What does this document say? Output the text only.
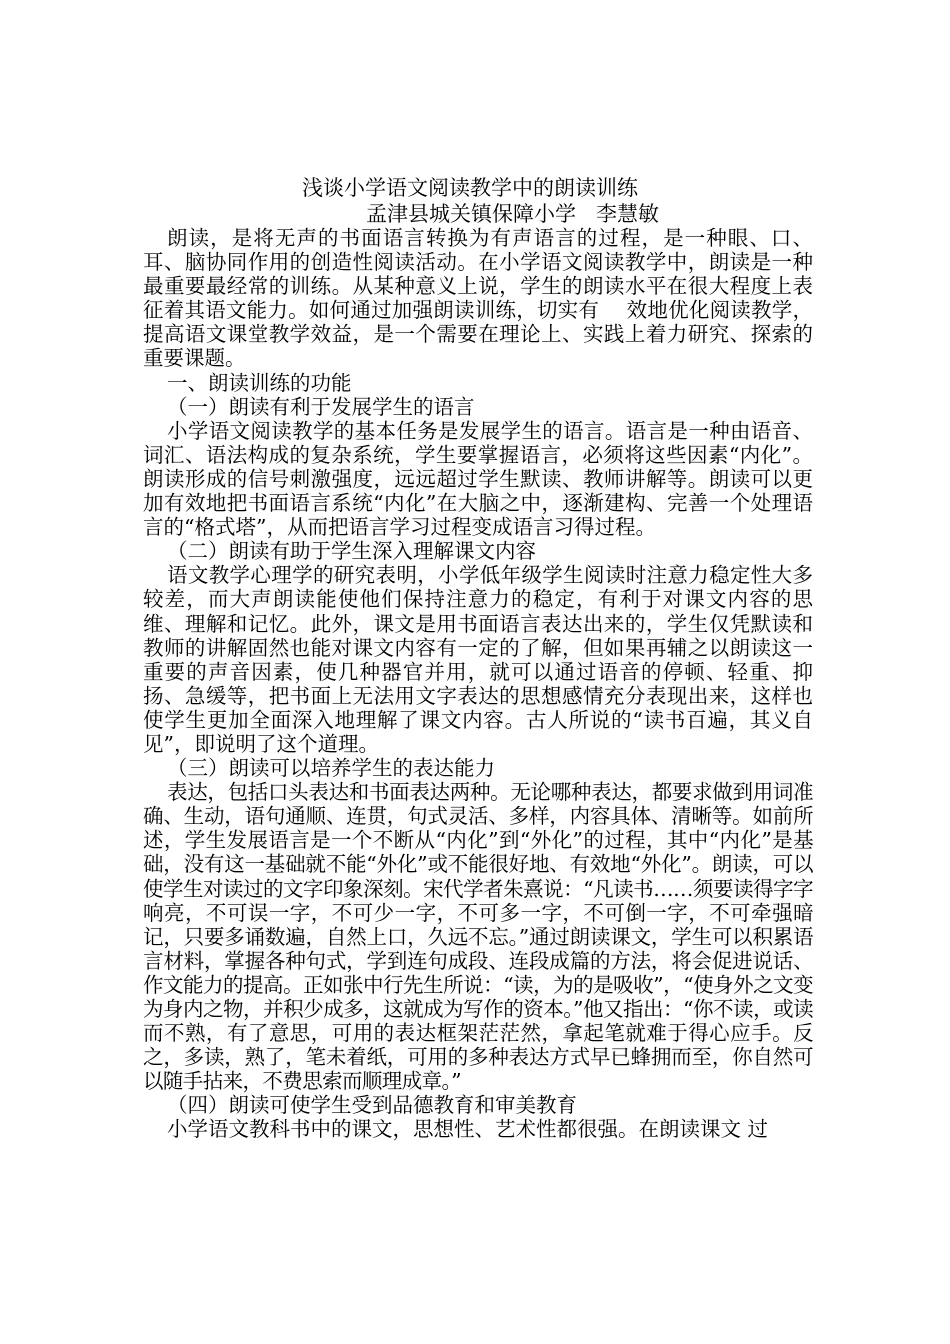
浅谈小学语文阅读教学中的朗读训练
孟津县城关镇保障小学   李慧敏

朗读，是将无声的书面语言转换为有声语言的过程，是一种眼、口、耳、脑协同作用的创造性阅读活动。在小学语文阅读教学中，朗读是一种最重要最经常的训练。从某种意义上说，学生的朗读水平在很大程度上表征着其语文能力。如何通过加强朗读训练，切实有　 效地优化阅读教学，提高语文课堂教学效益，是一个需要在理论上、实践上着力研究、探索的重要课题。

一、朗读训练的功能

（一）朗读有利于发展学生的语言

小学语文阅读教学的基本任务是发展学生的语言。语言是一种由语音、词汇、语法构成的复杂系统，学生要掌握语言，必须将这些因素“内化”。朗读形成的信号刺激强度，远远超过学生默读、教师讲解等。朗读可以更加有效地把书面语言系统“内化”在大脑之中，逐渐建构、完善一个处理语言的“格式塔”，从而把语言学习过程变成语言习得过程。

（二）朗读有助于学生深入理解课文内容

语文教学心理学的研究表明，小学低年级学生阅读时注意力稳定性大多较差，而大声朗读能使他们保持注意力的稳定，有利于对课文内容的思维、理解和记忆。此外，课文是用书面语言表达出来的，学生仅凭默读和教师的讲解固然也能对课文内容有一定的了解，但如果再辅之以朗读这一重要的声音因素，使几种器官并用，就可以通过语音的停顿、轻重、抑扬、急缓等，把书面上无法用文字表达的思想感情充分表现出来，这样也使学生更加全面深入地理解了课文内容。古人所说的“读书百遍，其义自见”，即说明了这个道理。

（三）朗读可以培养学生的表达能力

表达，包括口头表达和书面表达两种。无论哪种表达，都要求做到用词准确、生动，语句通顺、连贯，句式灵活、多样，内容具体、清晰等。如前所述，学生发展语言是一个不断从“内化”到“外化”的过程，其中“内化”是基础，没有这一基础就不能“外化”或不能很好地、有效地“外化”。朗读，可以使学生对读过的文字印象深刻。宋代学者朱熹说：“凡读书……须要读得字字响亮，不可误一字，不可少一字，不可多一字，不可倒一字，不可牵强暗记，只要多诵数遍，自然上口，久远不忘。”通过朗读课文，学生可以积累语言材料，掌握各种句式，学到连句成段、连段成篇的方法，将会促进说话、作文能力的提高。正如张中行先生所说：“读，为的是吸收”，“使身外之文变为身内之物，并积少成多，这就成为写作的资本。”他又指出：“你不读，或读而不熟，有了意思，可用的表达框架茫茫然，拿起笔就难于得心应手。反之，多读，熟了，笔未着纸，可用的多种表达方式早已蜂拥而至，你自然可以随手拈来，不费思索而顺理成章。”

（四）朗读可使学生受到品德教育和审美教育

小学语文教科书中的课文，思想性、艺术性都很强。在朗读课文 过
